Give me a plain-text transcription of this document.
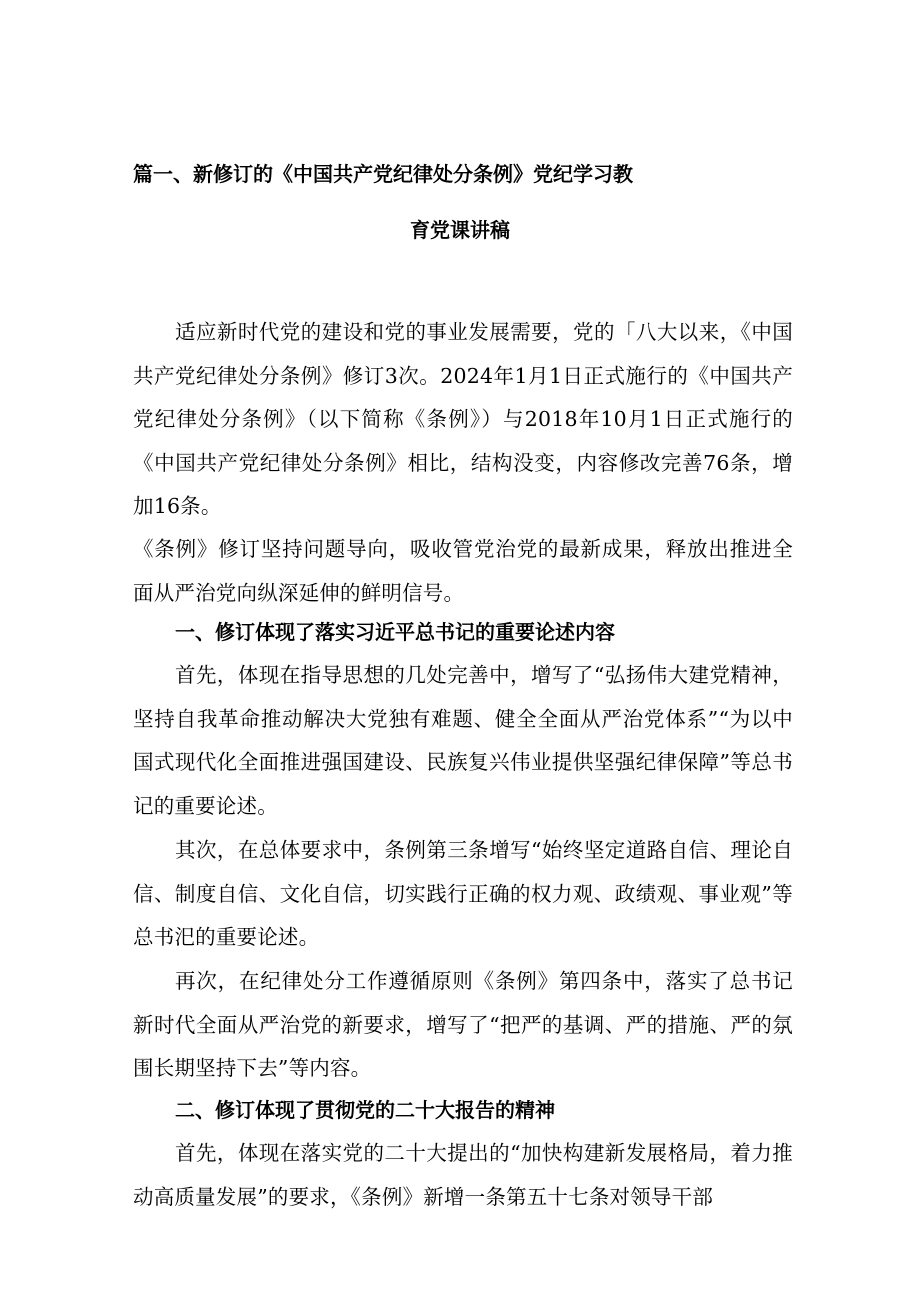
篇一、新修订的《中国共产党纪律处分条例》党纪学习教
育党课讲稿
适应新时代党的建设和党的事业发展需要，党的「八大以来，《中国共产党纪律处分条例》修订3次。2024年1月1日正式施行的《中国共产党纪律处分条例》（以下简称《条例》）与2018年10月1日正式施行的《中国共产党纪律处分条例》相比，结构没变，内容修改完善76条，增加16条。
《条例》修订坚持问题导向，吸收管党治党的最新成果，释放出推进全面从严治党向纵深延伸的鲜明信号。
一、修订体现了落实习近平总书记的重要论述内容
首先，体现在指导思想的几处完善中，增写了“弘扬伟大建党精神，坚持自我革命推动解决大党独有难题、健全全面从严治党体系”“为以中国式现代化全面推进强国建设、民族复兴伟业提供坚强纪律保障”等总书记的重要论述。
其次，在总体要求中，条例第三条增写“始终坚定道路自信、理论自信、制度自信、文化自信，切实践行正确的权力观、政绩观、事业观”等总书汜的重要论述。
再次，在纪律处分工作遵循原则《条例》第四条中，落实了总书记新时代全面从严治党的新要求，增写了“把严的基调、严的措施、严的氛围长期坚持下去”等内容。
二、修订体现了贯彻党的二十大报告的精神
首先，体现在落实党的二十大提出的“加快构建新发展格局，着力推动高质量发展”的要求，《条例》新增一条第五十七条对领导干部
